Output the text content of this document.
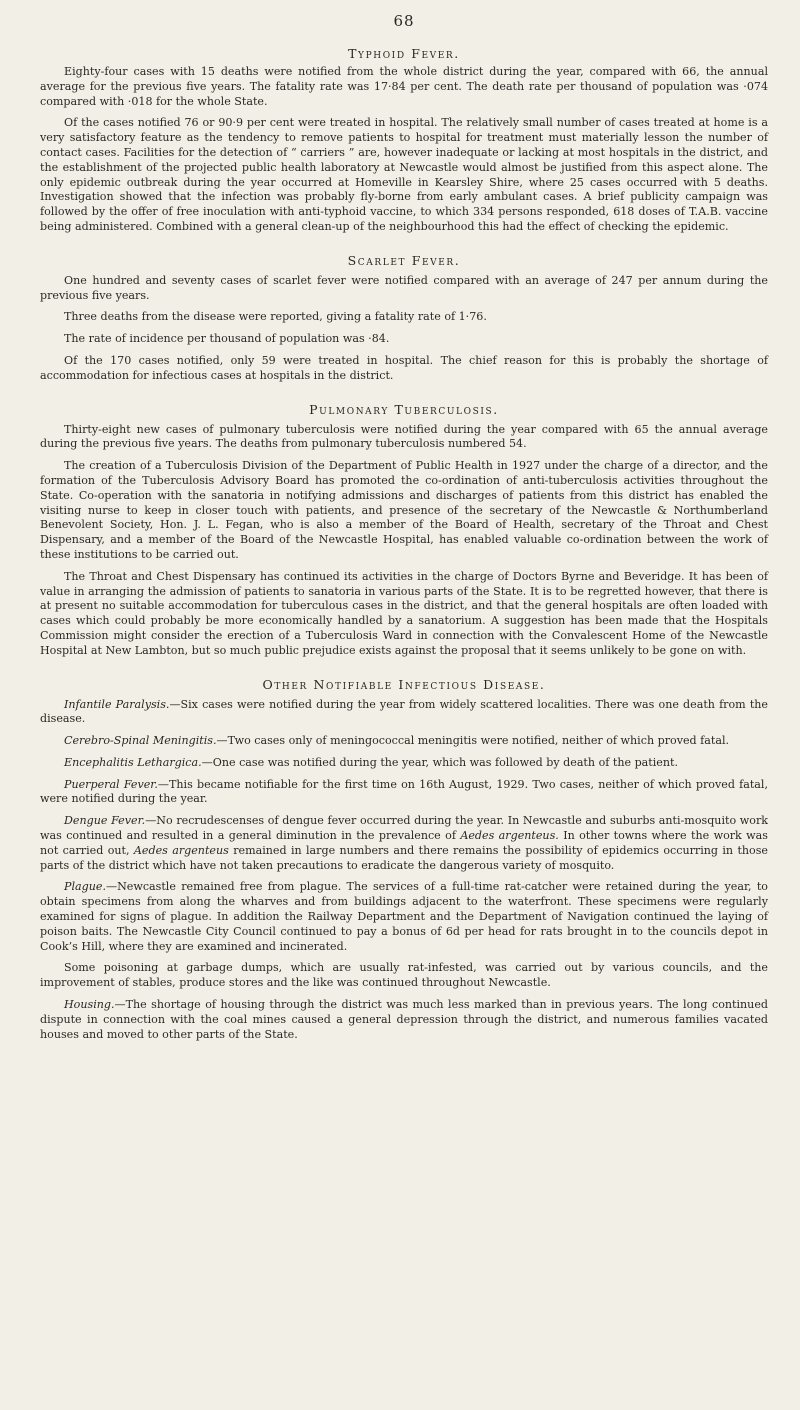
68
Typhoid Fever.

Eighty-four cases with 15 deaths were notified from the whole district during the year, compared with 66, the annual average for the previous five years. The fatality rate was 17·84 per cent. The death rate per thousand of population was ·074 compared with ·018 for the whole State.

Of the cases notified 76 or 90·9 per cent were treated in hospital. The relatively small number of cases treated at home is a very satisfactory feature as the tendency to remove patients to hospital for treatment must materially lesson the number of contact cases. Facilities for the detection of “ carriers ” are, however inadequate or lacking at most hospitals in the district, and the establishment of the projected public health laboratory at Newcastle would almost be justified from this aspect alone. The only epidemic outbreak during the year occurred at Homeville in Kearsley Shire, where 25 cases occurred with 5 deaths. Investigation showed that the infection was probably fly-borne from early ambulant cases. A brief publicity campaign was followed by the offer of free inoculation with anti-typhoid vaccine, to which 334 persons responded, 618 doses of T.A.B. vaccine being administered. Combined with a general clean-up of the neighbourhood this had the effect of checking the epidemic.

Scarlet Fever.

One hundred and seventy cases of scarlet fever were notified compared with an average of 247 per annum during the previous five years.

Three deaths from the disease were reported, giving a fatality rate of 1·76.

The rate of incidence per thousand of population was ·84.

Of the 170 cases notified, only 59 were treated in hospital. The chief reason for this is probably the shortage of accommodation for infectious cases at hospitals in the district.

Pulmonary Tuberculosis.

Thirty-eight new cases of pulmonary tuberculosis were notified during the year compared with 65 the annual average during the previous five years. The deaths from pulmonary tuberculosis numbered 54.

The creation of a Tuberculosis Division of the Department of Public Health in 1927 under the charge of a director, and the formation of the Tuberculosis Advisory Board has promoted the co-ordination of anti-tuberculosis activities throughout the State. Co-operation with the sanatoria in notifying admissions and discharges of patients from this district has enabled the visiting nurse to keep in closer touch with patients, and presence of the secretary of the Newcastle & Northumberland Benevolent Society, Hon. J. L. Fegan, who is also a member of the Board of Health, secretary of the Throat and Chest Dispensary, and a member of the Board of the Newcastle Hospital, has enabled valuable co-ordination between the work of these institutions to be carried out.

The Throat and Chest Dispensary has continued its activities in the charge of Doctors Byrne and Beveridge. It has been of value in arranging the admission of patients to sanatoria in various parts of the State. It is to be regretted however, that there is at present no suitable accommodation for tuberculous cases in the district, and that the general hospitals are often loaded with cases which could probably be more economically handled by a sanatorium. A suggestion has been made that the Hospitals Commission might consider the erection of a Tuberculosis Ward in connection with the Convalescent Home of the Newcastle Hospital at New Lambton, but so much public prejudice exists against the proposal that it seems unlikely to be gone on with.

Other Notifiable Infectious Disease.

Infantile Paralysis.—Six cases were notified during the year from widely scattered localities. There was one death from the disease.

Cerebro-Spinal Meningitis.—Two cases only of meningococcal meningitis were notified, neither of which proved fatal.

Encephalitis Lethargica.—One case was notified during the year, which was followed by death of the patient.

Puerperal Fever.—This became notifiable for the first time on 16th August, 1929. Two cases, neither of which proved fatal, were notified during the year.

Dengue Fever.—No recrudescenses of dengue fever occurred during the year. In Newcastle and suburbs anti-mosquito work was continued and resulted in a general diminution in the prevalence of Aedes argenteus. In other towns where the work was not carried out, Aedes argenteus remained in large numbers and there remains the possibility of epidemics occurring in those parts of the district which have not taken precautions to eradicate the dangerous variety of mosquito.

Plague.—Newcastle remained free from plague. The services of a full-time rat-catcher were retained during the year, to obtain specimens from along the wharves and from buildings adjacent to the waterfront. These specimens were regularly examined for signs of plague. In addition the Railway Department and the Department of Navigation continued the laying of poison baits. The Newcastle City Council continued to pay a bonus of 6d per head for rats brought in to the councils depot in Cook’s Hill, where they are examined and incinerated.

Some poisoning at garbage dumps, which are usually rat-infested, was carried out by various councils, and the improvement of stables, produce stores and the like was continued throughout Newcastle.

Housing.—The shortage of housing through the district was much less marked than in previous years. The long continued dispute in connection with the coal mines caused a general depression through the district, and numerous families vacated houses and moved to other parts of the State.
